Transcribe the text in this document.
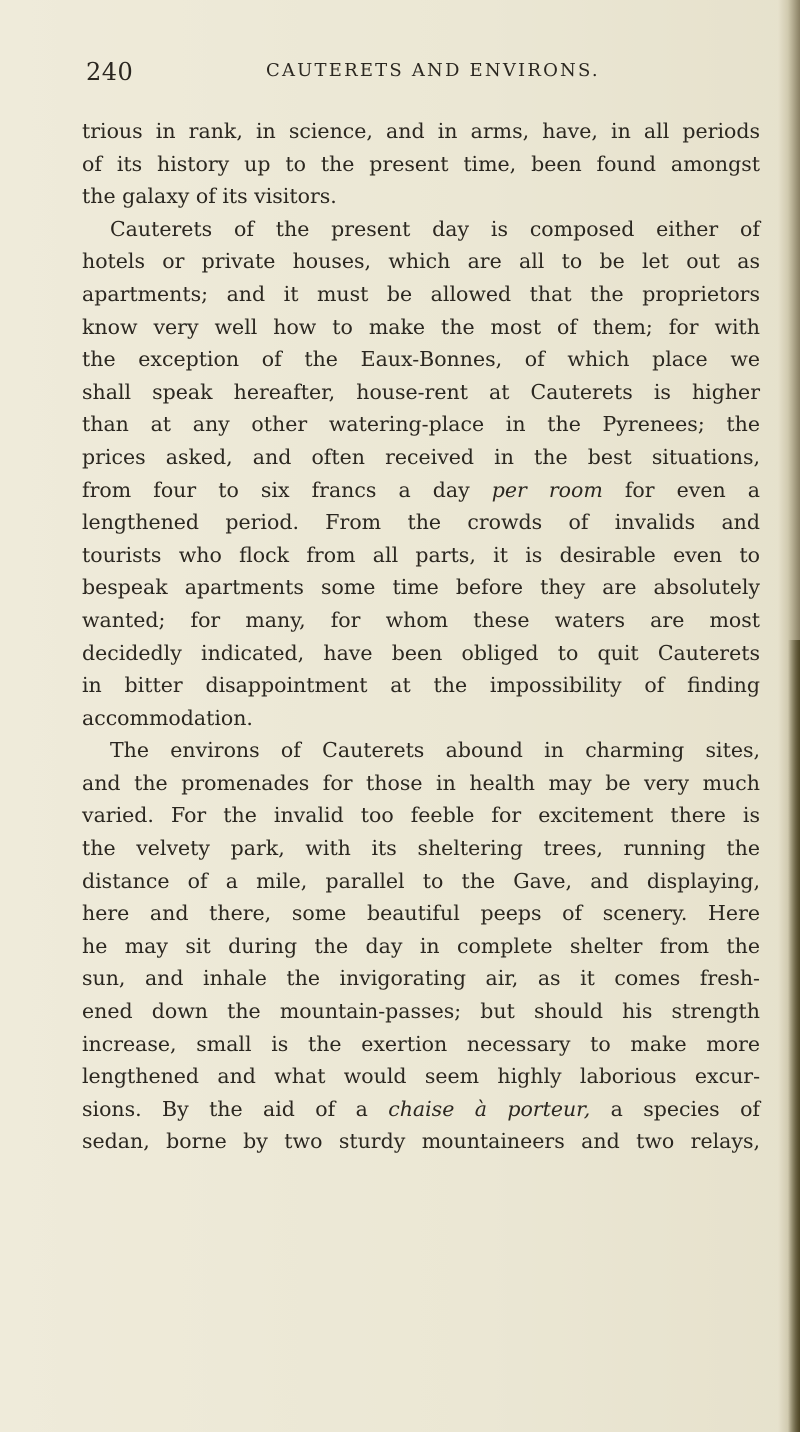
240	CAUTERETS AND ENVIRONS.
trious in rank, in science, and in arms, have, in all periods
of its history up to the present time, been found amongst
the galaxy of its visitors.
Cauterets of the present day is composed either of
hotels or private houses, which are all to be let out as
apartments; and it must be allowed that the proprietors
know very well how to make the most of them; for with
the exception of the Eaux-Bonnes, of which place we
shall speak hereafter, house-rent at Cauterets is higher
than at any other watering-place in the Pyrenees; the
prices asked, and often received in the best situations,
from four to six francs a day per room for even a
lengthened period. From the crowds of invalids and
tourists who flock from all parts, it is desirable even to
bespeak apartments some time before they are absolutely
wanted; for many, for whom these waters are most
decidedly indicated, have been obliged to quit Cauterets
in bitter disappointment at the impossibility of finding
accommodation.
The environs of Cauterets abound in charming sites,
and the promenades for those in health may be very much
varied. For the invalid too feeble for excitement there is
the velvety park, with its sheltering trees, running the
distance of a mile, parallel to the Gave, and displaying,
here and there, some beautiful peeps of scenery. Here
he may sit during the day in complete shelter from the
sun, and inhale the invigorating air, as it comes fresh-
ened down the mountain-passes; but should his strength
increase, small is the exertion necessary to make more
lengthened and what would seem highly laborious excur-
sions. By the aid of a chaise à porteur, a species of
sedan, borne by two sturdy mountaineers and two relays,
